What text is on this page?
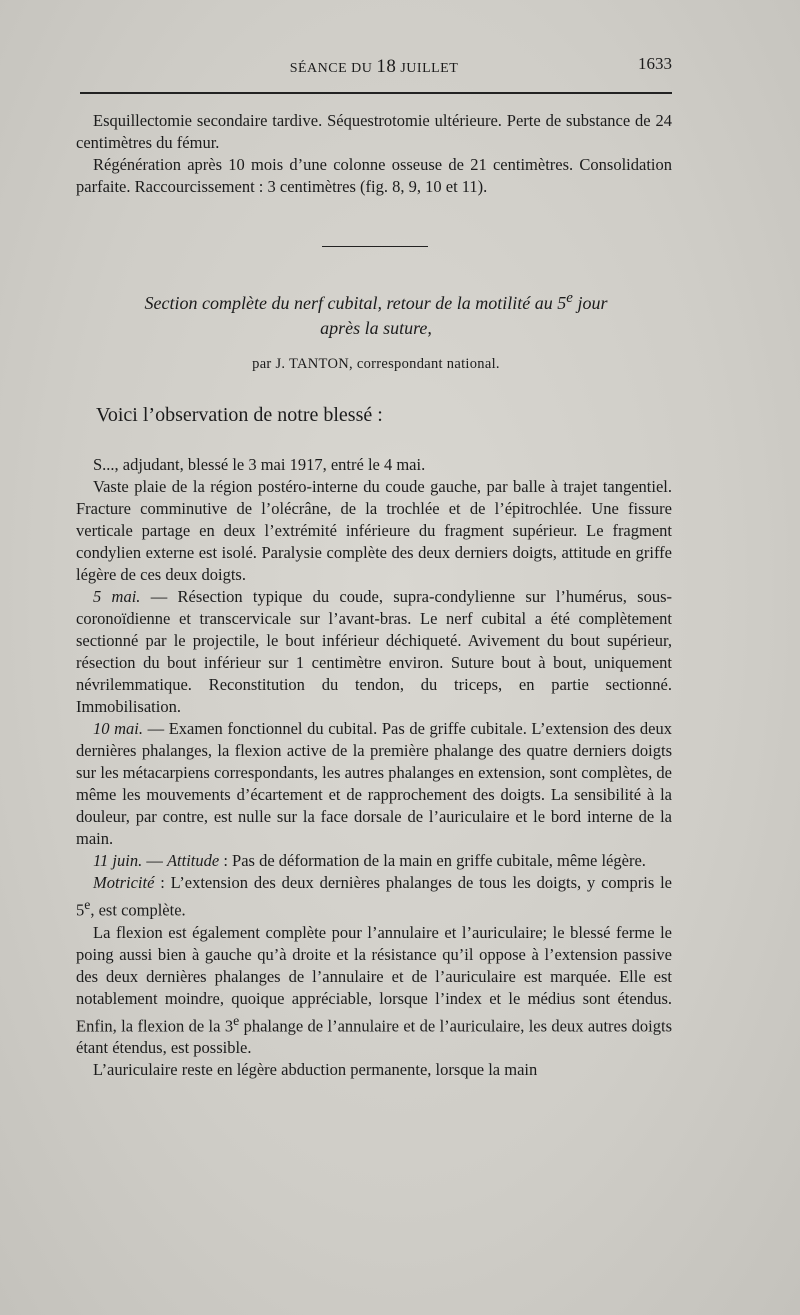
SÉANCE DU 18 JUILLET	1633

Esquillectomie secondaire tardive. Séquestrotomie ultérieure. Perte de substance de 24 centimètres du fémur.

Régénération après 10 mois d’une colonne osseuse de 21 centimètres. Consolidation parfaite. Raccourcissement : 3 centimètres (fig. 8, 9, 10 et 11).

Section complète du nerf cubital, retour de la motilité au 5e jour
après la suture,
par J. TANTON, correspondant national.
Voici l’observation de notre blessé :

S..., adjudant, blessé le 3 mai 1917, entré le 4 mai.

Vaste plaie de la région postéro-interne du coude gauche, par balle à trajet tangentiel. Fracture comminutive de l’olécrâne, de la trochlée et de l’épitrochlée. Une fissure verticale partage en deux l’extrémité inférieure du fragment supérieur. Le fragment condylien externe est isolé. Paralysie complète des deux derniers doigts, attitude en griffe légère de ces deux doigts.

5 mai. — Résection typique du coude, supra-condylienne sur l’humérus, sous-coronoïdienne et transcervicale sur l’avant-bras. Le nerf cubital a été complètement sectionné par le projectile, le bout inférieur déchiqueté. Avivement du bout supérieur, résection du bout inférieur sur 1 centimètre environ. Suture bout à bout, uniquement névrilemmatique. Reconstitution du tendon, du triceps, en partie sectionné. Immobilisation.

10 mai. — Examen fonctionnel du cubital. Pas de griffe cubitale. L’extension des deux dernières phalanges, la flexion active de la première phalange des quatre derniers doigts sur les métacarpiens correspondants, les autres phalanges en extension, sont complètes, de même les mouvements d’écartement et de rapprochement des doigts. La sensibilité à la douleur, par contre, est nulle sur la face dorsale de l’auriculaire et le bord interne de la main.

11 juin. — Attitude : Pas de déformation de la main en griffe cubitale, même légère.

Motricité : L’extension des deux dernières phalanges de tous les doigts, y compris le 5e, est complète.

La flexion est également complète pour l’annulaire et l’auriculaire; le blessé ferme le poing aussi bien à gauche qu’à droite et la résistance qu’il oppose à l’extension passive des deux dernières phalanges de l’annulaire et de l’auriculaire est marquée. Elle est notablement moindre, quoique appréciable, lorsque l’index et le médius sont étendus. Enfin, la flexion de la 3e phalange de l’annulaire et de l’auriculaire, les deux autres doigts étant étendus, est possible.

L’auriculaire reste en légère abduction permanente, lorsque la main
